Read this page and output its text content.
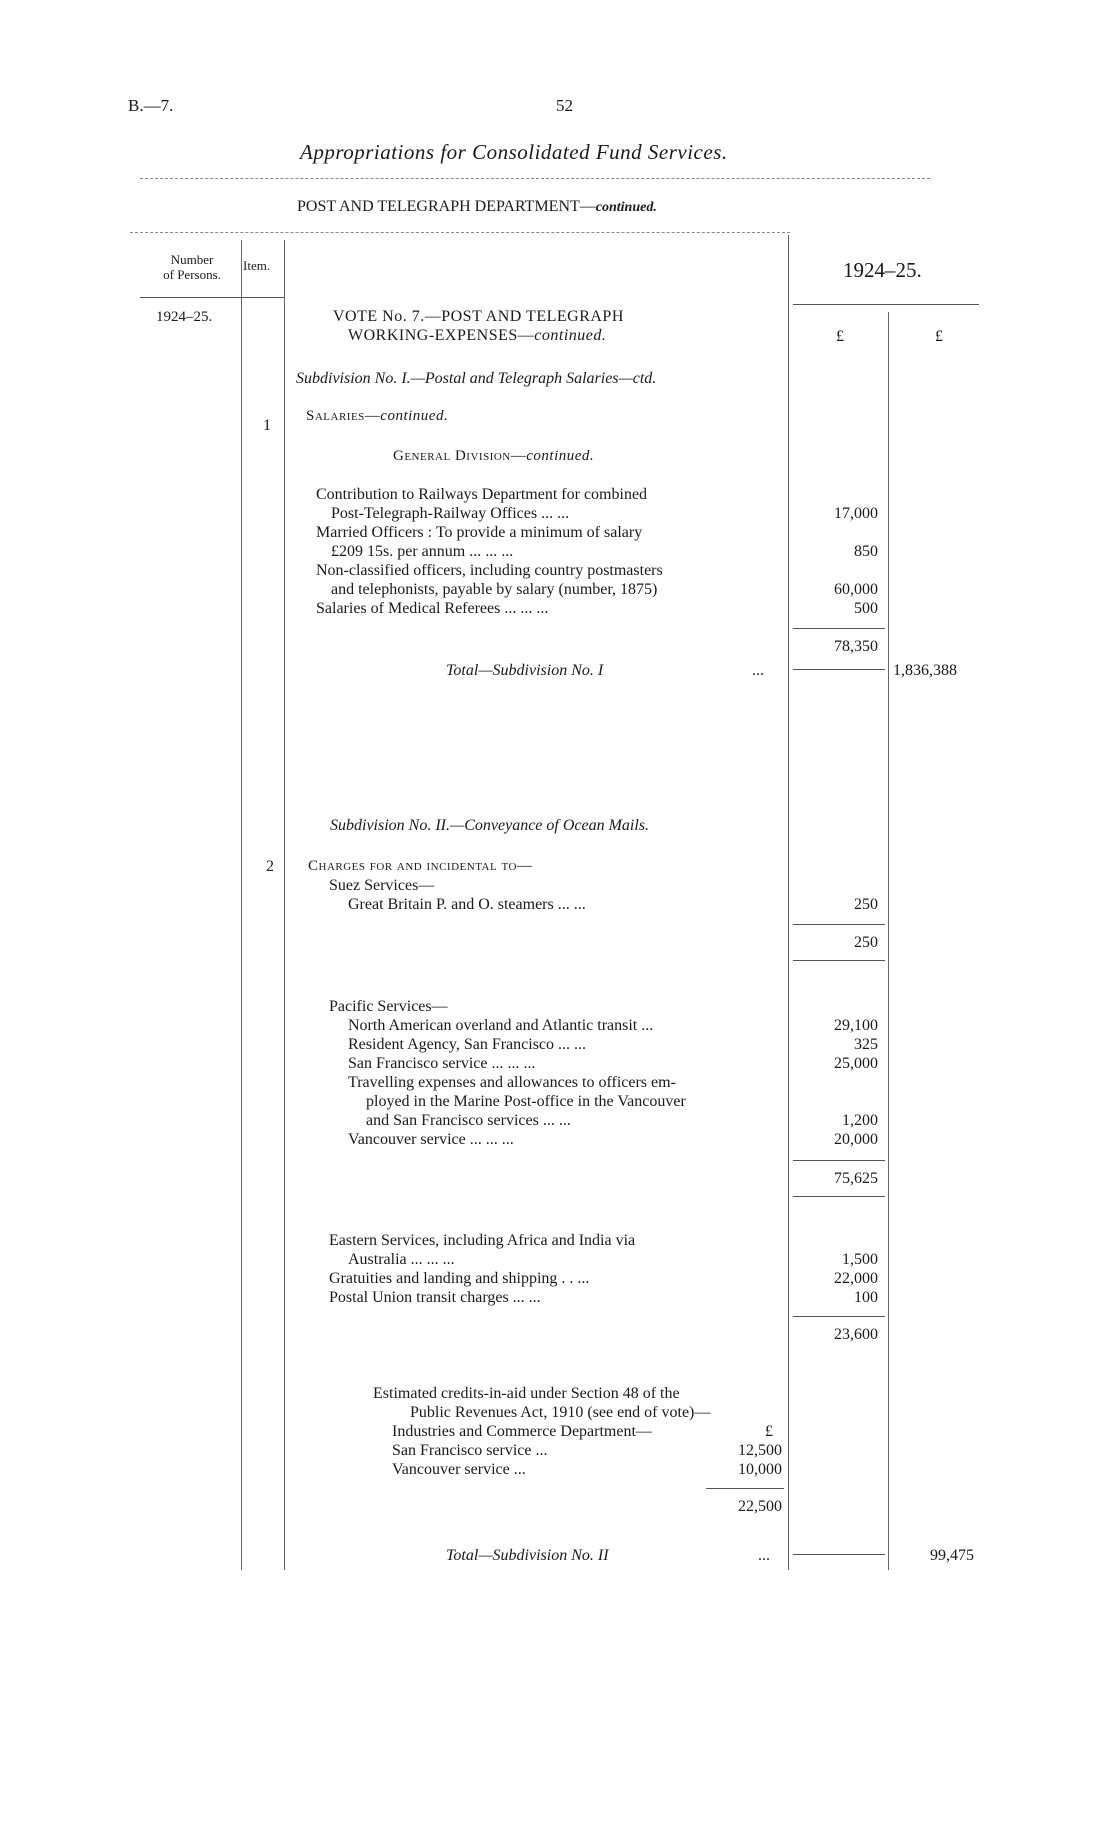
B.—7.	52
Appropriations for Consolidated Fund Services.
POST AND TELEGRAPH DEPARTMENT—continued.
Number
of Persons.
Item.	1924–25.
1924–25.
£	£
VOTE No. 7.—POST AND TELEGRAPH
WORKING-EXPENSES—continued.
Subdivision No. I.—Postal and Telegraph Salaries—ctd.
1
Salaries—continued.
General Division—continued.
Contribution to Railways Department for combined
Post-Telegraph-Railway Offices ... ...	17,000
Married Officers : To provide a minimum of salary
£209 15s. per annum ... ... ...	850
Non-classified officers, including country postmasters
and telephonists, payable by salary (number, 1875)	60,000
Salaries of Medical Referees ... ... ...	500
78,350
Total—Subdivision No. I	...	1,836,388
Subdivision No. II.—Conveyance of Ocean Mails.
2 Charges for and incidental to—
Suez Services—
Great Britain P. and O. steamers ... ...	250
250
Pacific Services—
North American overland and Atlantic transit ...	29,100
Resident Agency, San Francisco ... ...	325
San Francisco service ... ... ...	25,000
Travelling expenses and allowances to officers em-
ployed in the Marine Post-office in the Vancouver
and San Francisco services ... ...	1,200
Vancouver service ... ... ...	20,000
75,625
Eastern Services, including Africa and India via
Australia ... ... ...	1,500
Gratuities and landing and shipping . . ...	22,000
Postal Union transit charges ... ...	100
23,600
Estimated credits-in-aid under Section 48 of the
Public Revenues Act, 1910 (see end of vote)—
Industries and Commerce Department—	£
San Francisco service ...	12,500
Vancouver service ...	10,000
22,500
Total—Subdivision No. II	...	99,475
